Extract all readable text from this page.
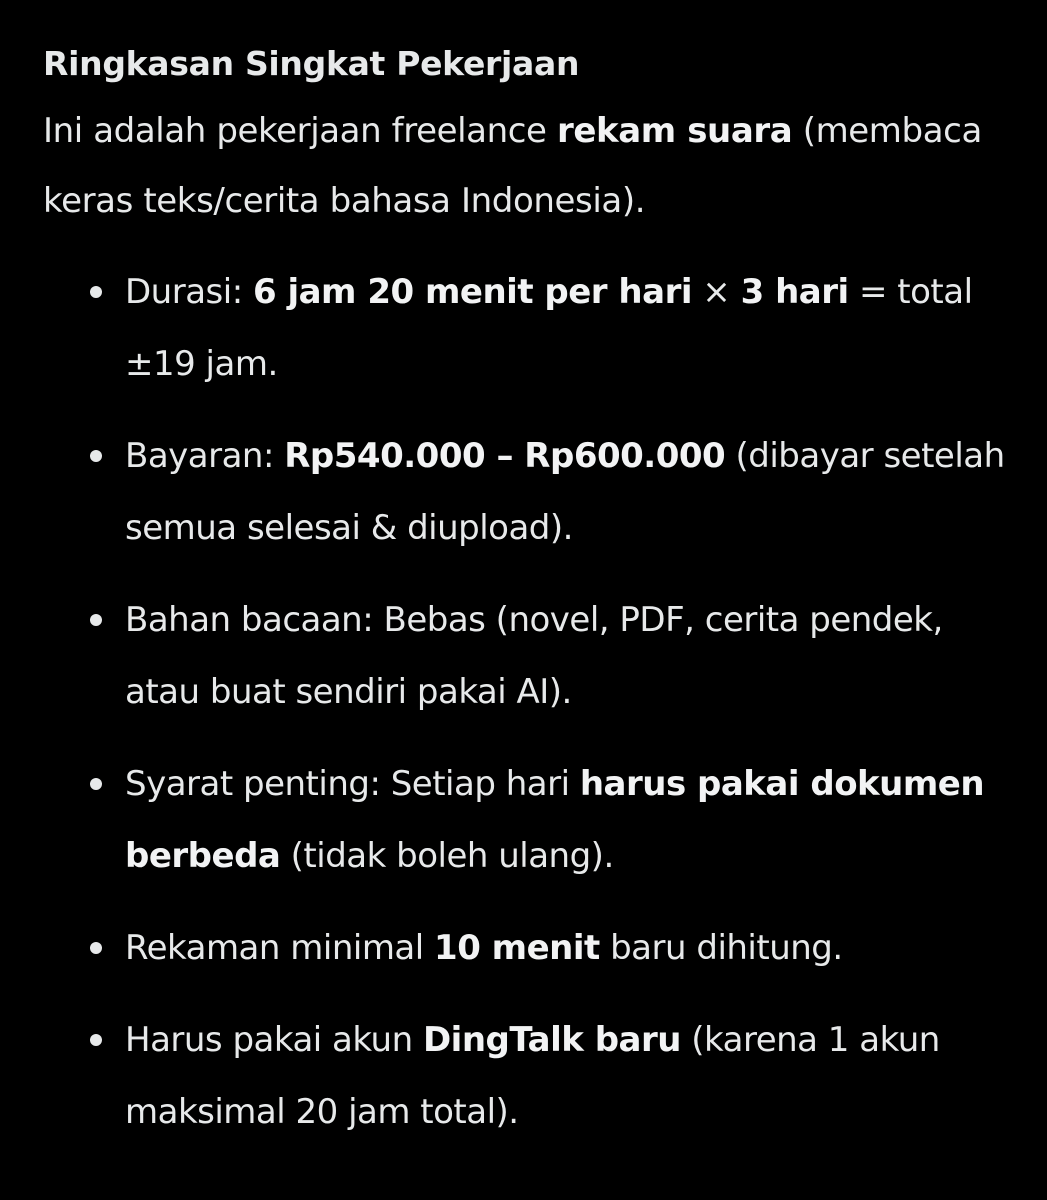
Ringkasan Singkat Pekerjaan

Ini adalah pekerjaan freelance rekam suara (membaca keras teks/cerita bahasa Indonesia).

Durasi: 6 jam 20 menit per hari × 3 hari = total ±19 jam.
Bayaran: Rp540.000 – Rp600.000 (dibayar setelah semua selesai & diupload).
Bahan bacaan: Bebas (novel, PDF, cerita pendek, atau buat sendiri pakai AI).
Syarat penting: Setiap hari harus pakai dokumen berbeda (tidak boleh ulang).
Rekaman minimal 10 menit baru dihitung.
Harus pakai akun DingTalk baru (karena 1 akun maksimal 20 jam total).
